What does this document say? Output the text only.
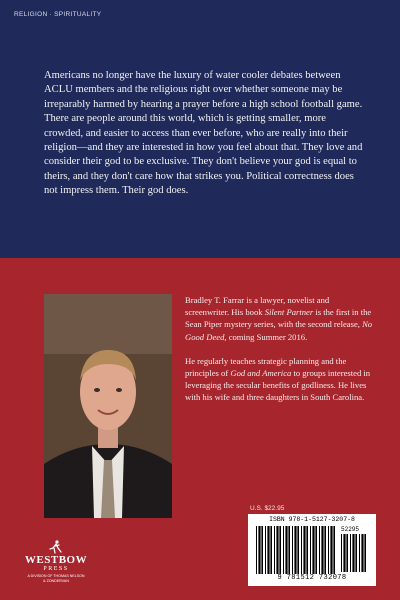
RELIGION · SPIRITUALITY

Americans no longer have the luxury of water cooler debates between ACLU members and the religious right over whether someone may be irreparably harmed by hearing a prayer before a high school football game. There are people around this world, which is getting smaller, more crowded, and easier to access than ever before, who are really into their religion—and they are interested in how you feel about that. They love and consider their god to be exclusive. They don't believe your god is equal to theirs, and they don't care how that strikes you. Political correctness does not impress them. Their god does.

Bradley T. Farrar is a lawyer, novelist and screenwriter. His book Silent Partner is the first in the Sean Piper mystery series, with the second release, No Good Deed, coming Summer 2016.

He regularly teaches strategic planning and the principles of God and America to groups interested in leveraging the secular benefits of godliness. He lives with his wife and three daughters in South Carolina.

U.S. $22.95
ISBN 978-1-5127-3207-8
52295
9 781512 732078
WESTBOW
PRESS
A DIVISION OF THOMAS NELSON
& ZONDERVAN
